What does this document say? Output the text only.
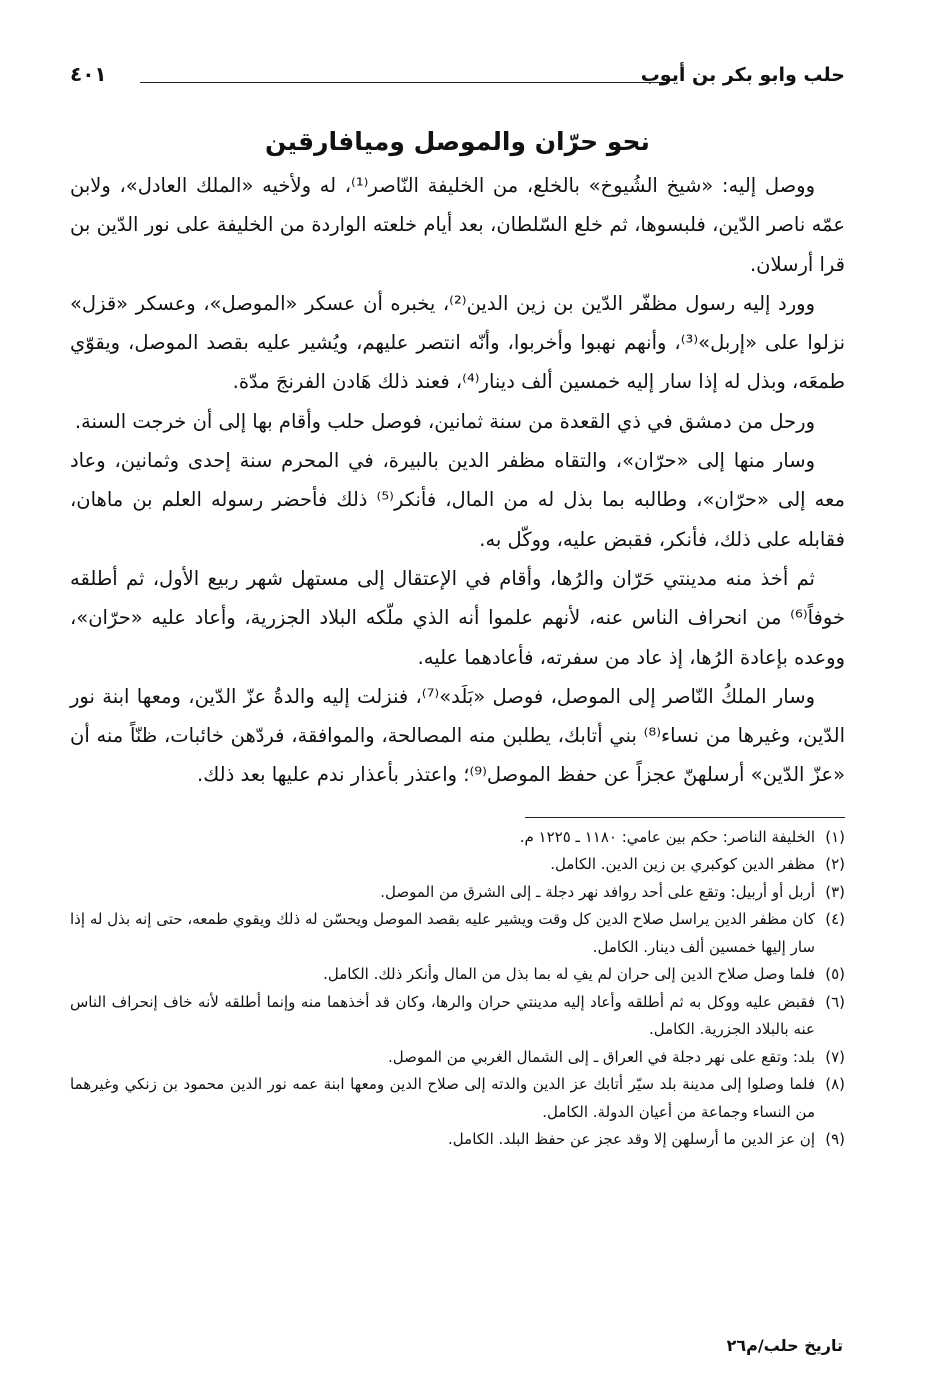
حلب وابو بكر بن أيوب
٤٠١
نحو حرّان والموصل وميافارقين

ووصل إليه: «شيخ الشُيوخ» بالخلع، من الخليفة النّاصر⁽¹⁾، له ولأخيه «الملك العادل»، ولابن عمّه ناصر الدّين، فلبسوها، ثم خلع السّلطان، بعد أيام خلعته الواردة من الخليفة على نور الدّين بن قرا أرسلان.

وورد إليه رسول مظفّر الدّين بن زين الدين⁽²⁾، يخبره أن عسكر «الموصل»، وعسكر «قزل» نزلوا على «إربل»⁽³⁾، وأنهم نهبوا وأخربوا، وأنّه انتصر عليهم، ويُشير عليه بقصد الموصل، ويقوّي طمعَه، وبذل له إذا سار إليه خمسين ألف دينار⁽⁴⁾، فعند ذلك هَادن الفرنجَ مدّة.

ورحل من دمشق في ذي القعدة من سنة ثمانين، فوصل حلب وأقام بها إلى أن خرجت السنة.

وسار منها إلى «حرّان»، والتقاه مظفر الدين بالبيرة، في المحرم سنة إحدى وثمانين، وعاد معه إلى «حرّان»، وطالبه بما بذل له من المال، فأنكر⁽⁵⁾ ذلك فأحضر رسوله العلم بن ماهان، فقابله على ذلك، فأنكر، فقبض عليه، ووكّل به.

ثم أخذ منه مدينتي حَرّان والرُها، وأقام في الإعتقال إلى مستهل شهر ربيع الأول، ثم أطلقه خوفاً⁽⁶⁾ من انحراف الناس عنه، لأنهم علموا أنه الذي ملّكه البلاد الجزرية، وأعاد عليه «حرّان»، ووعده بإعادة الرُها، إذ عاد من سفرته، فأعادهما عليه.

وسار الملكُ النّاصر إلى الموصل، فوصل «بَلَد»⁽⁷⁾، فنزلت إليه والدةُ عزّ الدّين، ومعها ابنة نور الدّين، وغيرها من نساء⁽⁸⁾ بني أتابك، يطلبن منه المصالحة، والموافقة، فردّهن خائبات، ظنّاً منه أن «عزّ الدّين» أرسلهنّ عجزاً عن حفظ الموصل⁽⁹⁾؛ واعتذر بأعذار ندم عليها بعد ذلك.

(١)
الخليفة الناصر: حكم بين عامي: ١١٨٠ ـ ١٢٢٥ م.
(٢)
مظفر الدين كوكبري بن زين الدين. الكامل.
(٣)
أربل أو أربيل: وتقع على أحد روافد نهر دجلة ـ إلى الشرق من الموصل.
(٤)
كان مظفر الدين يراسل صلاح الدين كل وقت ويشير عليه بقصد الموصل ويحسّن له ذلك ويقوي طمعه، حتى إنه بذل له إذا سار إليها خمسين ألف دينار. الكامل.
(٥)
فلما وصل صلاح الدين إلى حران لم يفِ له بما بذل من المال وأنكر ذلك. الكامل.
(٦)
فقبض عليه ووكل به ثم أطلقه وأعاد إليه مدينتي حران والرها، وكان قد أخذهما منه وإنما أطلقه لأنه خاف إنحراف الناس عنه بالبلاد الجزرية. الكامل.
(٧)
بلد: وتقع على نهر دجلة في العراق ـ إلى الشمال الغربي من الموصل.
(٨)
فلما وصلوا إلى مدينة بلد سيّر أتابك عز الدين والدته إلى صلاح الدين ومعها ابنة عمه نور الدين محمود بن زنكي وغيرهما من النساء وجماعة من أعيان الدولة. الكامل.
(٩)
إن عز الدين ما أرسلهن إلا وقد عجز عن حفظ البلد. الكامل.
تاريخ حلب/م٢٦
